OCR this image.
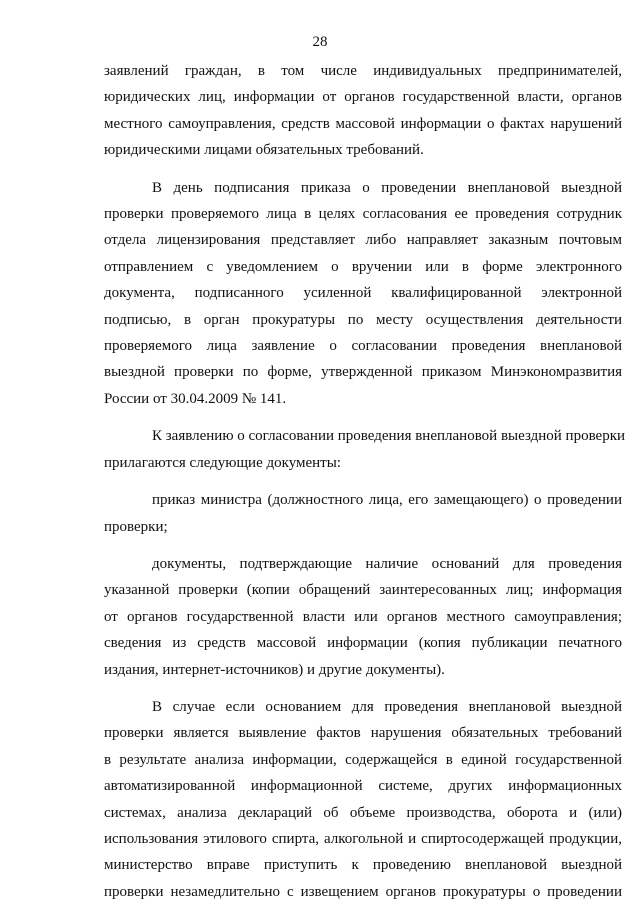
28
заявлений граждан, в том числе индивидуальных предпринимателей,
юридических лиц, информации от органов государственной власти, органов
местного самоуправления, средств массовой информации о фактах нарушений
юридическими лицами обязательных требований.
В день подписания приказа о проведении внеплановой выездной
проверки проверяемого лица в целях согласования ее проведения сотрудник
отдела лицензирования представляет либо направляет заказным почтовым
отправлением с уведомлением о вручении или в форме электронного
документа, подписанного усиленной квалифицированной электронной
подписью, в орган прокуратуры по месту осуществления деятельности
проверяемого лица заявление о согласовании проведения внеплановой
выездной проверки по форме, утвержденной приказом Минэкономразвития
России от 30.04.2009 № 141.
К заявлению о согласовании проведения внеплановой выездной проверки
прилагаются следующие документы:
приказ министра (должностного лица, его замещающего) о проведении
проверки;
документы, подтверждающие наличие оснований для проведения
указанной проверки (копии обращений заинтересованных лиц; информация
от органов государственной власти или органов местного самоуправления;
сведения из средств массовой информации (копия публикации печатного
издания, интернет-источников) и другие документы).
В случае если основанием для проведения внеплановой выездной
проверки является выявление фактов нарушения обязательных требований
в результате анализа информации, содержащейся в единой государственной
автоматизированной информационной системе, других информационных
системах, анализа деклараций об объеме производства, оборота и (или)
использования этилового спирта, алкогольной и спиртосодержащей продукции,
министерство вправе приступить к проведению внеплановой выездной
проверки незамедлительно с извещением органов прокуратуры о проведении
